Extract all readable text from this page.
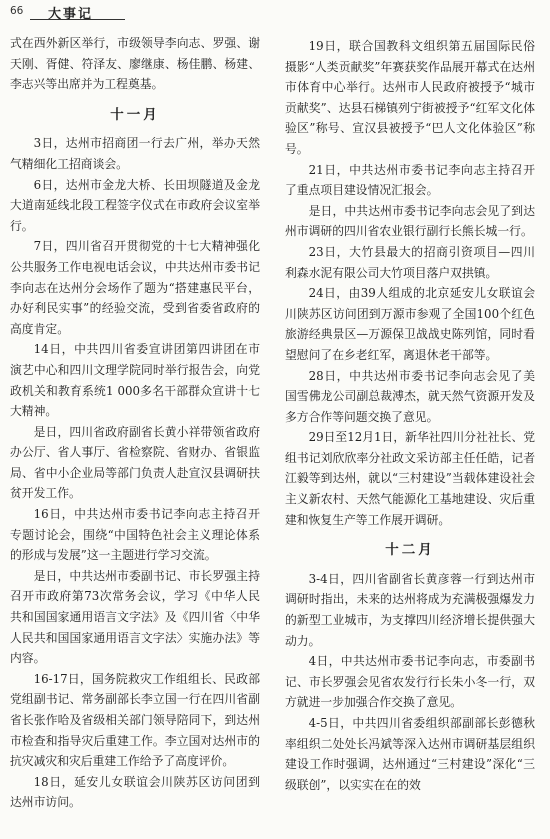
66 大事记

式在西外新区举行，市级领导李向志、罗强、谢天刚、胥健、符泽友、廖继康、杨佳鹏、杨建、李志兴等出席并为工程奠基。

十一月

3日，达州市招商团一行去广州，举办天然气精细化工招商谈会。

6日，达州市金龙大桥、长田坝隧道及金龙大道南延线北段工程签字仪式在市政府会议室举行。

7日，四川省召开贯彻党的十七大精神强化公共服务工作电视电话会议，中共达州市委书记李向志在达州分会场作了题为“搭建惠民平台，办好利民实事”的经验交流，受到省委省政府的高度肯定。

14日，中共四川省委宣讲团第四讲团在市演艺中心和四川文理学院同时举行报告会，向党政机关和教育系统1 000多名干部群众宣讲十七大精神。

是日，四川省政府副省长黄小祥带领省政府办公厅、省人事厅、省检察院、省财办、省银监局、省中小企业局等部门负责人赴宣汉县调研扶贫开发工作。

16日，中共达州市委书记李向志主持召开专题讨论会，围绕“中国特色社会主义理论体系的形成与发展”这一主题进行学习交流。

是日，中共达州市委副书记、市长罗强主持召开市政府第73次常务会议，学习《中华人民共和国国家通用语言文字法》及《四川省〈中华人民共和国国家通用语言文字法〉实施办法》等内容。

16-17日，国务院救灾工作组组长、民政部党组副书记、常务副部长李立国一行在四川省副省长张作哈及省级相关部门领导陪同下，到达州市检查和指导灾后重建工作。李立国对达州市的抗灾减灾和灾后重建工作给予了高度评价。

18日，延安儿女联谊会川陕苏区访问团到达州市访问。

19日，联合国教科文组织第五届国际民俗摄影“人类贡献奖”年赛获奖作品展开幕式在达州市体育中心举行。达州市人民政府被授予“城市贡献奖”、达县石梯镇列宁街被授予“红军文化体验区”称号、宣汉县被授予“巴人文化体验区”称号。

21日，中共达州市委书记李向志主持召开了重点项目建设情况汇报会。

是日，中共达州市委书记李向志会见了到达州市调研的四川省农业银行副行长熊长城一行。

23日，大竹县最大的招商引资项目—四川利森水泥有限公司大竹项目落户双拱镇。

24日，由39人组成的北京延安儿女联谊会川陕苏区访问团到万源市参观了全国100个红色旅游经典景区—万源保卫战战史陈列馆，同时看望慰问了在乡老红军，离退休老干部等。

28日，中共达州市委书记李向志会见了美国雪佛龙公司副总裁溥杰，就天然气资源开发及多方合作等问题交换了意见。

29日至12月1日，新华社四川分社社长、党组书记刘欣欣率分社政文采访部主任任皓，记者江毅等到达州，就以“三村建设”当载体建设社会主义新农村、天然气能源化工基地建设、灾后重建和恢复生产等工作展开调研。

十二月

3-4日，四川省副省长黄彦蓉一行到达州市调研时指出，未来的达州将成为充满极强爆发力的新型工业城市，为支撑四川经济增长提供强大动力。

4日，中共达州市委书记李向志，市委副书记、市长罗强会见省农发行行长朱小冬一行，双方就进一步加强合作交换了意见。

4-5日，中共四川省委组织部副部长彭德秋率组织二处处长冯斌等深入达州市调研基层组织建设工作时强调，达州通过“三村建设”深化“三级联创”，以实实在在的效
